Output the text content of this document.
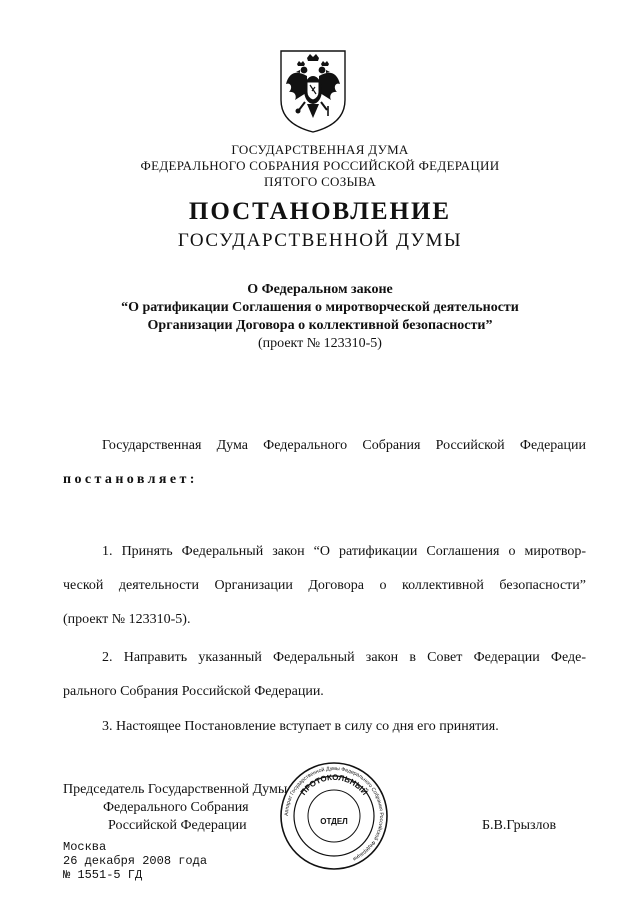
ГОСУДАРСТВЕННАЯ ДУМА
ФЕДЕРАЛЬНОГО СОБРАНИЯ РОССИЙСКОЙ ФЕДЕРАЦИИ
ПЯТОГО СОЗЫВА
ПОСТАНОВЛЕНИЕ
ГОСУДАРСТВЕННОЙ ДУМЫ
О Федеральном законе
“О ратификации Соглашения о миротворческой деятельности
Организации Договора о коллективной безопасности”
(проект № 123310-5)
Государственная Дума Федерального Собрания Российской Федерации
постановляет:
1. Принять Федеральный закон “О ратификации Соглашения о миротвор-
ческой деятельности Организации Договора о коллективной безопасности”
(проект № 123310-5).
2. Направить указанный Федеральный закон в Совет Федерации Феде-
рального Собрания Российской Федерации.
3. Настоящее Постановление вступает в силу со дня его принятия.
Председатель Государственной Думы
Федерального Собрания
Российской Федерации	Б.В.Грызлов
Аппарат Государственной Думы Федерального Собрания Российской Федерации
ПРОТОКОЛЬНЫЙ
ОТДЕЛ
Москва
26 декабря 2008 года
№ 1551-5 ГД
